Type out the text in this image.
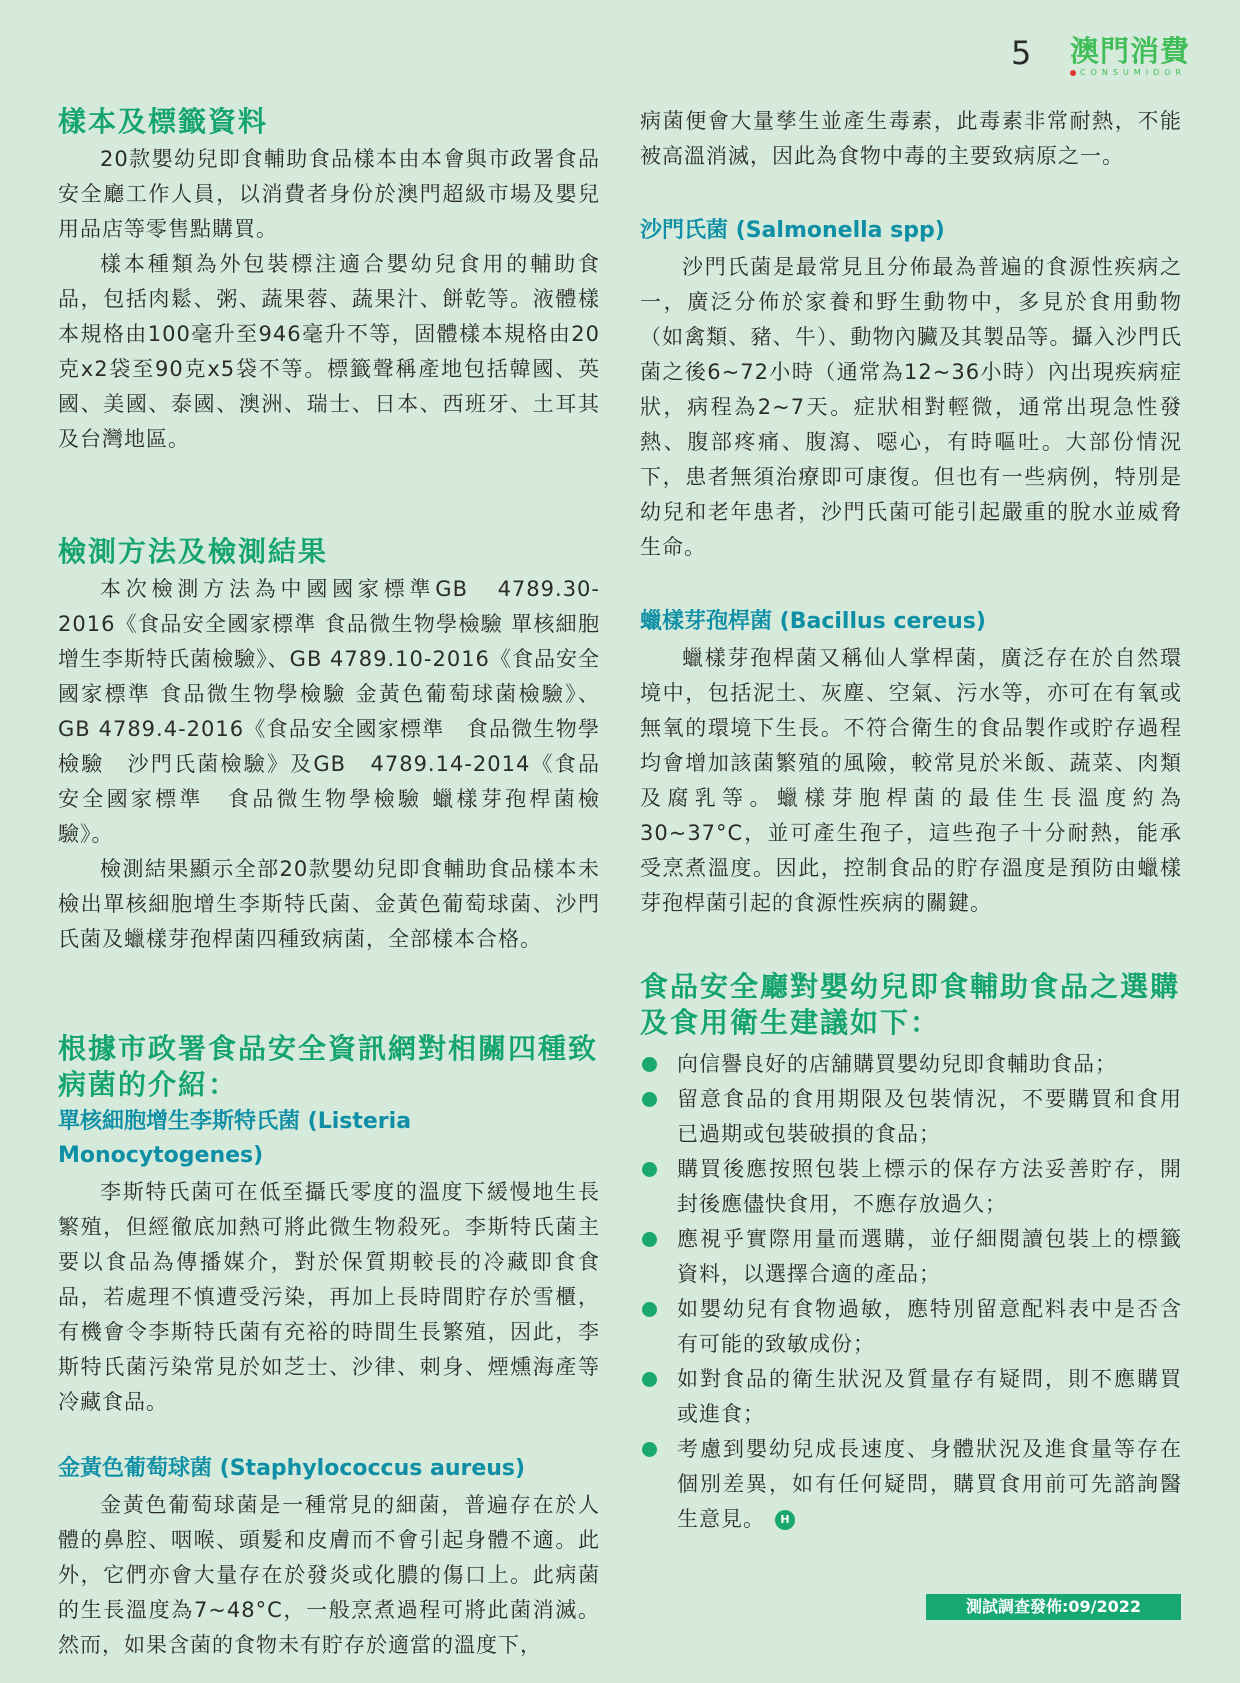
5 澳門消費
CONSUMIDOR
樣本及標籤資料

20款嬰幼兒即食輔助食品樣本由本會與市政署食品安全廳工作人員，以消費者身份於澳門超級市場及嬰兒用品店等零售點購買。

樣本種類為外包裝標注適合嬰幼兒食用的輔助食品，包括肉鬆、粥、蔬果蓉、蔬果汁、餅乾等。液體樣本規格由100毫升至946毫升不等，固體樣本規格由20克x2袋至90克x5袋不等。標籤聲稱產地包括韓國、英國、美國、泰國、澳洲、瑞士、日本、西班牙、土耳其及台灣地區。

檢測方法及檢測結果

本次檢測方法為中國國家標準GB　4789.30-2016《食品安全國家標準 食品微生物學檢驗 單核細胞增生李斯特氏菌檢驗》、GB 4789.10-2016《食品安全國家標準 食品微生物學檢驗 金黃色葡萄球菌檢驗》、GB 4789.4-2016《食品安全國家標準　食品微生物學檢驗　沙門氏菌檢驗》及GB　4789.14-2014《食品安全國家標準　食品微生物學檢驗 蠟樣芽孢桿菌檢驗》。

檢測結果顯示全部20款嬰幼兒即食輔助食品樣本未檢出單核細胞增生李斯特氏菌、金黃色葡萄球菌、沙門氏菌及蠟樣芽孢桿菌四種致病菌，全部樣本合格。

根據市政署食品安全資訊網對相關四種致病菌的介紹：
單核細胞增生李斯特氏菌 (Listeria Monocytogenes)

李斯特氏菌可在低至攝氏零度的溫度下緩慢地生長繁殖，但經徹底加熱可將此微生物殺死。李斯特氏菌主要以食品為傳播媒介，對於保質期較長的冷藏即食食品，若處理不慎遭受污染，再加上長時間貯存於雪櫃，有機會令李斯特氏菌有充裕的時間生長繁殖，因此，李斯特氏菌污染常見於如芝士、沙律、刺身、煙燻海產等冷藏食品。

金黃色葡萄球菌 (Staphylococcus aureus)

金黃色葡萄球菌是一種常見的細菌，普遍存在於人體的鼻腔、咽喉、頭髮和皮膚而不會引起身體不適。此外，它們亦會大量存在於發炎或化膿的傷口上。此病菌的生長溫度為7~48°C，一般烹煮過程可將此菌消滅。然而，如果含菌的食物未有貯存於適當的溫度下，

病菌便會大量孳生並產生毒素，此毒素非常耐熱，不能被高溫消滅，因此為食物中毒的主要致病原之一。

沙門氏菌 (Salmonella spp)

沙門氏菌是最常見且分佈最為普遍的食源性疾病之一，廣泛分佈於家養和野生動物中，多見於食用動物（如禽類、豬、牛）、動物內臟及其製品等。攝入沙門氏菌之後6~72小時（通常為12~36小時）內出現疾病症狀，病程為2~7天。症狀相對輕微，通常出現急性發熱、腹部疼痛、腹瀉、噁心，有時嘔吐。大部份情況下，患者無須治療即可康復。但也有一些病例，特別是幼兒和老年患者，沙門氏菌可能引起嚴重的脫水並威脅生命。

蠟樣芽孢桿菌 (Bacillus cereus)

蠟樣芽孢桿菌又稱仙人掌桿菌，廣泛存在於自然環境中，包括泥土、灰塵、空氣、污水等，亦可在有氧或無氧的環境下生長。不符合衛生的食品製作或貯存過程均會增加該菌繁殖的風險，較常見於米飯、蔬菜、肉類及腐乳等。蠟樣芽胞桿菌的最佳生長溫度約為30~37°C，並可產生孢子，這些孢子十分耐熱，能承受烹煮溫度。因此，控制食品的貯存溫度是預防由蠟樣芽孢桿菌引起的食源性疾病的關鍵。

食品安全廳對嬰幼兒即食輔助食品之選購及食用衛生建議如下：
向信譽良好的店舖購買嬰幼兒即食輔助食品；
留意食品的食用期限及包裝情況，不要購買和食用已過期或包裝破損的食品；
購買後應按照包裝上標示的保存方法妥善貯存，開封後應儘快食用，不應存放過久；
應視乎實際用量而選購，並仔細閱讀包裝上的標籤資料，以選擇合適的產品；
如嬰幼兒有食物過敏，應特別留意配料表中是否含有可能的致敏成份；
如對食品的衛生狀況及質量存有疑問，則不應購買或進食；
考慮到嬰幼兒成長速度、身體狀況及進食量等存在個別差異，如有任何疑問，購買食用前可先諮詢醫生意見。 H
測試調查發佈:09/2022
